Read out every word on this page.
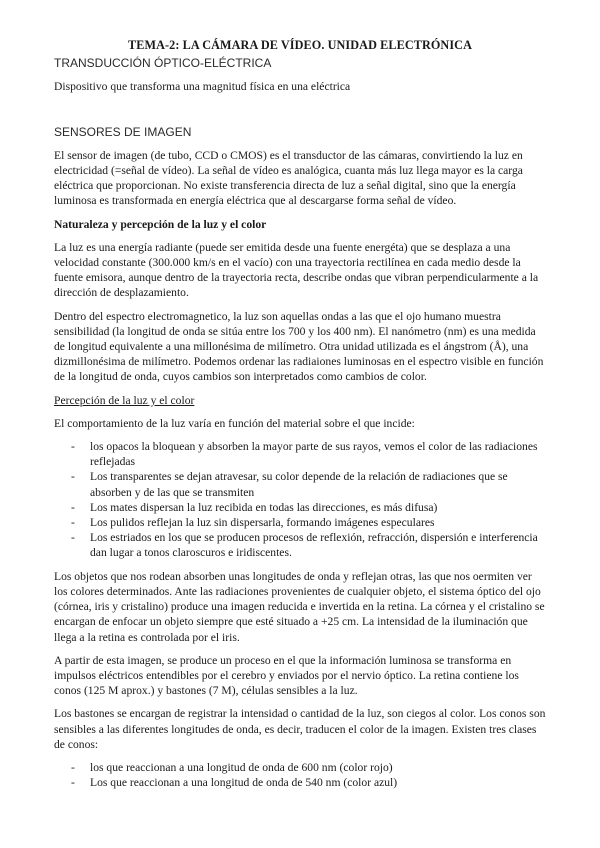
TEMA-2: LA CÁMARA DE VÍDEO. UNIDAD ELECTRÓNICA
TRANSDUCCIÓN ÓPTICO-ELÉCTRICA

Dispositivo que transforma una magnitud física en una eléctrica

SENSORES DE IMAGEN

El sensor de imagen (de tubo, CCD o CMOS) es el transductor de las cámaras, convirtiendo la luz en electricidad (=señal de vídeo). La señal de vídeo es analógica, cuanta más luz llega mayor es la carga eléctrica que proporcionan. No existe transferencia directa de luz a señal digital, sino que la energía luminosa es transformada en energía eléctrica que al descargarse forma señal de vídeo.

Naturaleza y percepción de la luz y el color

La luz es una energía radiante (puede ser emitida desde una fuente energéta) que se desplaza a una velocidad constante (300.000 km/s en el vacío) con una trayectoria rectilínea en cada medio desde la fuente emisora, aunque dentro de la trayectoria recta, describe ondas que vibran perpendicularmente a la dirección de desplazamiento.

Dentro del espectro electromagnetico, la luz son aquellas ondas a las que el ojo humano muestra sensibilidad (la longitud de onda se sitúa entre los 700 y los 400 nm). El nanómetro (nm) es una medida de longitud equivalente a una millonésima de milímetro. Otra unidad utilizada es el ángstrom (Å), una dizmillonésima de milímetro. Podemos ordenar las radiaiones luminosas en el espectro visible en función de la longitud de onda, cuyos cambios son interpretados como cambios de color.

Percepción de la luz y el color

El comportamiento de la luz varía en función del material sobre el que incide:

- los opacos la bloquean y absorben la mayor parte de sus rayos, vemos el color de las radiaciones reflejadas
- Los transparentes se dejan atravesar, su color depende de la relación de radiaciones que se absorben y de las que se transmiten
- Los mates dispersan la luz recibida en todas las direcciones, es más difusa)
- Los pulidos reflejan la luz sin dispersarla, formando imágenes especulares
- Los estriados en los que se producen procesos de reflexión, refracción, dispersión e interferencia dan lugar a tonos claroscuros e iridiscentes.

Los objetos que nos rodean absorben unas longitudes de onda y reflejan otras, las que nos oermiten ver los colores determinados. Ante las radiaciones provenientes de cualquier objeto, el sistema óptico del ojo (córnea, iris y cristalino) produce una imagen reducida e invertida en la retina. La córnea y el cristalino se encargan de enfocar un objeto siempre que esté situado a +25 cm. La intensidad de la iluminación que llega a la retina es controlada por el iris.

A partir de esta imagen, se produce un proceso en el que la información luminosa se transforma en impulsos eléctricos entendibles por el cerebro y enviados por el nervio óptico. La retina contiene los conos (125 M aprox.) y bastones (7 M), células sensibles a la luz.

Los bastones se encargan de registrar la intensidad o cantidad de la luz, son ciegos al color. Los conos son sensibles a las diferentes longitudes de onda, es decir, traducen el color de la imagen. Existen tres clases de conos:

- los que reaccionan a una longitud de onda de 600 nm (color rojo)
- Los que reaccionan a una longitud de onda de 540 nm (color azul)
